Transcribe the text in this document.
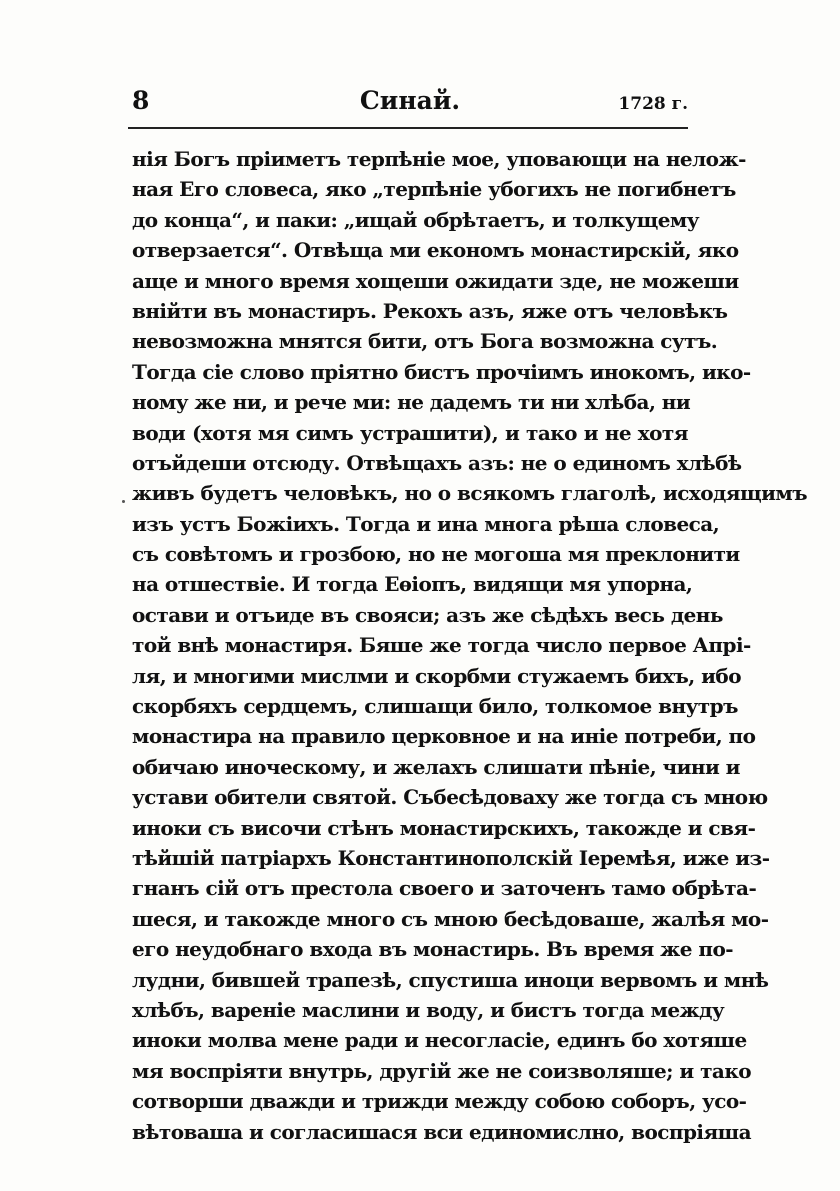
8	Синай.	1728 г.
нія Богъ пріиметъ терпѣніе мое, уповающи на нелож-
ная Его словеса, яко „терпѣніе убогихъ не погибнетъ
до конца“, и паки: „ищай обрѣтаетъ, и толкущему
отверзается“. Отвѣща ми економъ монастирскій, яко
аще и много время хощеши ожидати зде, не можеши
внійти въ монастиръ. Рекохъ азъ, яже отъ человѣкъ
невозможна мнятся бити, отъ Бога возможна сутъ.
Тогда сіе слово пріятно бистъ прочіимъ инокомъ, ико-
ному же ни, и рече ми: не дадемъ ти ни хлѣба, ни
води (хотя мя симъ устрашити), и тако и не хотя
отъйдеши отсюду. Отвѣщахъ азъ: не о единомъ хлѣбѣ
живъ будетъ человѣкъ, но о всякомъ глаголѣ, исходящимъ
изъ устъ Божіихъ. Тогда и ина многа рѣша словеса,
съ совѣтомъ и грозбою, но не могоша мя преклонити
на отшествіе. И тогда Еѳіопъ, видящи мя упорна,
остави и отъиде въ свояси; азъ же сѣдѣхъ весь день
той внѣ монастиря. Бяше же тогда число первое Апрі-
ля, и многими мислми и скорбми стужаемъ бихъ, ибо
скорбяхъ сердцемъ, слишащи било, толкомое внутръ
монастира на правило церковное и на иніе потреби, по
обичаю иноческому, и желахъ слишати пѣніе, чини и
устави обители святой. Събесѣдоваху же тогда съ мною
иноки съ височи стѣнъ монастирскихъ, такожде и свя-
тѣйшій патріархъ Константинополскій Іеремѣя, иже из-
гнанъ сій отъ престола своего и заточенъ тамо обрѣта-
шеся, и такожде много съ мною бесѣдоваше, жалѣя мо-
его неудобнаго входа въ монастирь. Въ время же по-
лудни, бившей трапезѣ, спустиша иноци вервомъ и мнѣ
хлѣбъ, вареніе маслини и воду, и бистъ тогда между
иноки молва мене ради и несогласіе, единъ бо хотяше
мя воспріяти внутрь, другій же не соизволяше; и тако
сотворши дважди и трижди между собою соборъ, усо-
вѣтоваша и согласишася вси единомислно, воспріяша
